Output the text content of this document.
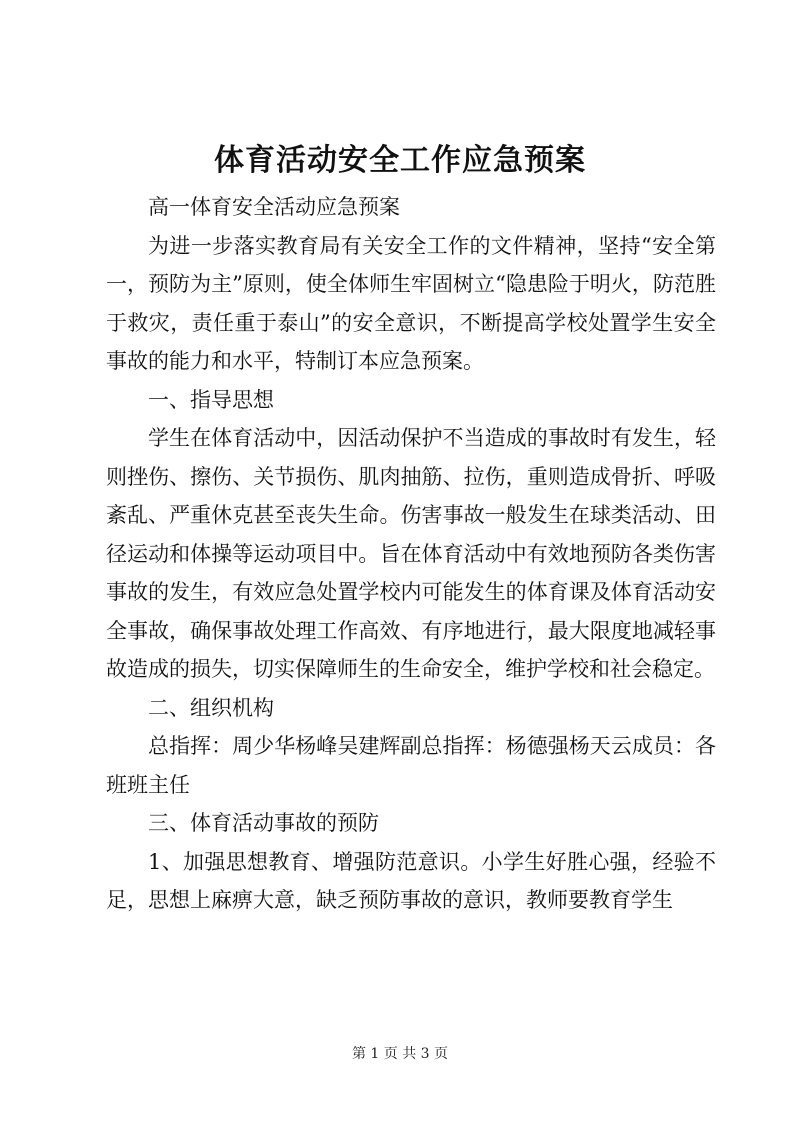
体育活动安全工作应急预案

高一体育安全活动应急预案

为进一步落实教育局有关安全工作的文件精神，坚持“安全第一，预防为主”原则，使全体师生牢固树立“隐患险于明火，防范胜于救灾，责任重于泰山”的安全意识，不断提高学校处置学生安全事故的能力和水平，特制订本应急预案。

一、指导思想

学生在体育活动中，因活动保护不当造成的事故时有发生，轻则挫伤、擦伤、关节损伤、肌肉抽筋、拉伤，重则造成骨折、呼吸紊乱、严重休克甚至丧失生命。伤害事故一般发生在球类活动、田径运动和体操等运动项目中。旨在体育活动中有效地预防各类伤害事故的发生，有效应急处置学校内可能发生的体育课及体育活动安全事故，确保事故处理工作高效、有序地进行，最大限度地减轻事故造成的损失，切实保障师生的生命安全，维护学校和社会稳定。

二、组织机构

总指挥：周少华杨峰吴建辉副总指挥：杨德强杨天云成员：各班班主任

三、体育活动事故的预防

1、加强思想教育、增强防范意识。小学生好胜心强，经验不足，思想上麻痹大意，缺乏预防事故的意识，教师要教育学生

第 1 页 共 3 页
